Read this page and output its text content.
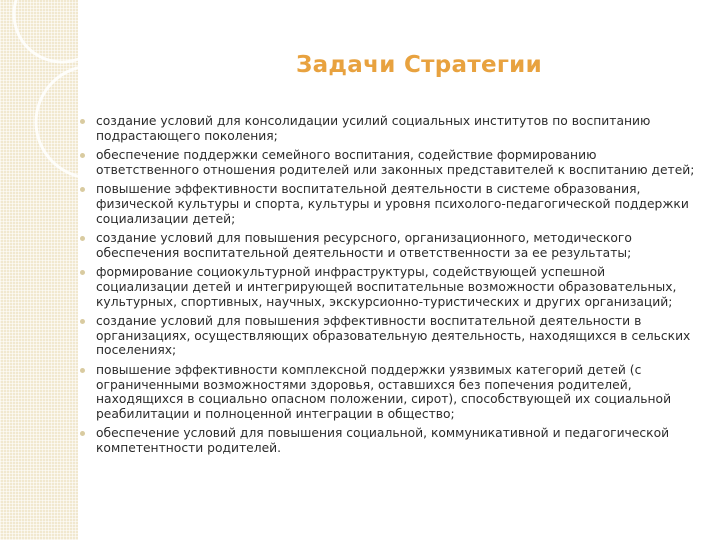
Задачи Стратегии
создание условий для консолидации усилий социальных институтов по воспитанию подрастающего поколения;
обеспечение поддержки семейного воспитания, содействие формированию ответственного отношения родителей или законных представителей к воспитанию детей;
повышение эффективности воспитательной деятельности в системе образования, физической культуры и спорта, культуры и уровня психолого-педагогической поддержки социализации детей;
создание условий для повышения ресурсного, организационного, методического обеспечения воспитательной деятельности и ответственности за ее результаты;
формирование социокультурной инфраструктуры, содействующей успешной социализации детей и интегрирующей воспитательные возможности образовательных, культурных, спортивных, научных, экскурсионно-туристических и других организаций;
создание условий для повышения эффективности воспитательной деятельности в организациях, осуществляющих образовательную деятельность, находящихся в сельских поселениях;
повышение эффективности комплексной поддержки уязвимых категорий детей (с ограниченными возможностями здоровья, оставшихся без попечения родителей, находящихся в социально опасном положении, сирот), способствующей их социальной реабилитации и полноценной интеграции в общество;
обеспечение условий для повышения социальной, коммуникативной и педагогической компетентности родителей.
